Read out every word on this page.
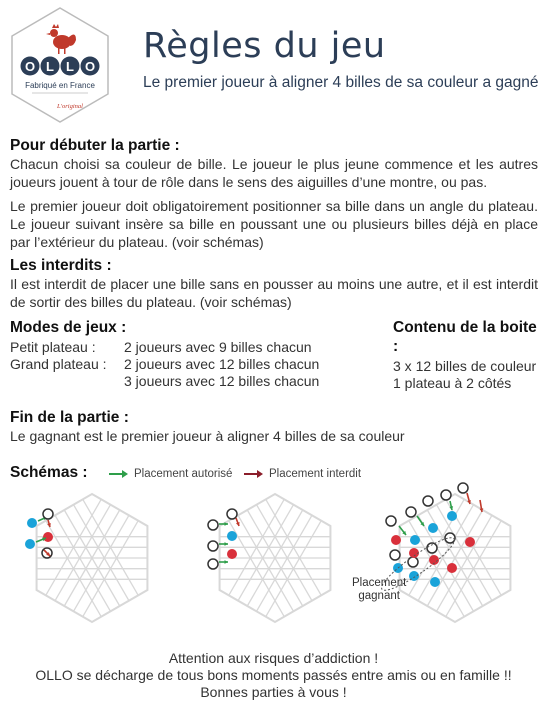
O L L O
Fabriqué en France
L'original
Règles du jeu
Le premier joueur à aligner 4 billes de sa couleur a gagné
Pour débuter la partie :

Chacun choisi sa couleur de bille. Le joueur le plus jeune commence et les autres joueurs jouent à tour de rôle dans le sens des aiguilles d’une montre, ou pas.

Le premier joueur doit obligatoirement positionner sa bille dans un angle du plateau. Le joueur suivant insère sa bille en poussant une ou plusieurs billes déjà en place par l’extérieur du plateau. (voir schémas)

Les interdits :

Il est interdit de placer une bille sans en pousser au moins une autre, et il est interdit de sortir des billes du plateau. (voir schémas)

Modes de jeux :
Petit plateau : 2 joueurs avec 9 billes chacun
Grand plateau : 2 joueurs avec 12 billes chacun
3 joueurs avec 12 billes chacun
Contenu de la boite :
3 x 12 billes de couleur
1 plateau à 2 côtés
Fin de la partie :

Le gagnant est le premier joueur à aligner 4 billes de sa couleur

Schémas :	Placement autorisé	Placement interdit
Placement
gagnant
Attention aux risques d’addiction !
OLLO se décharge de tous bons moments passés entre amis ou en famille !!
Bonnes parties à vous !
